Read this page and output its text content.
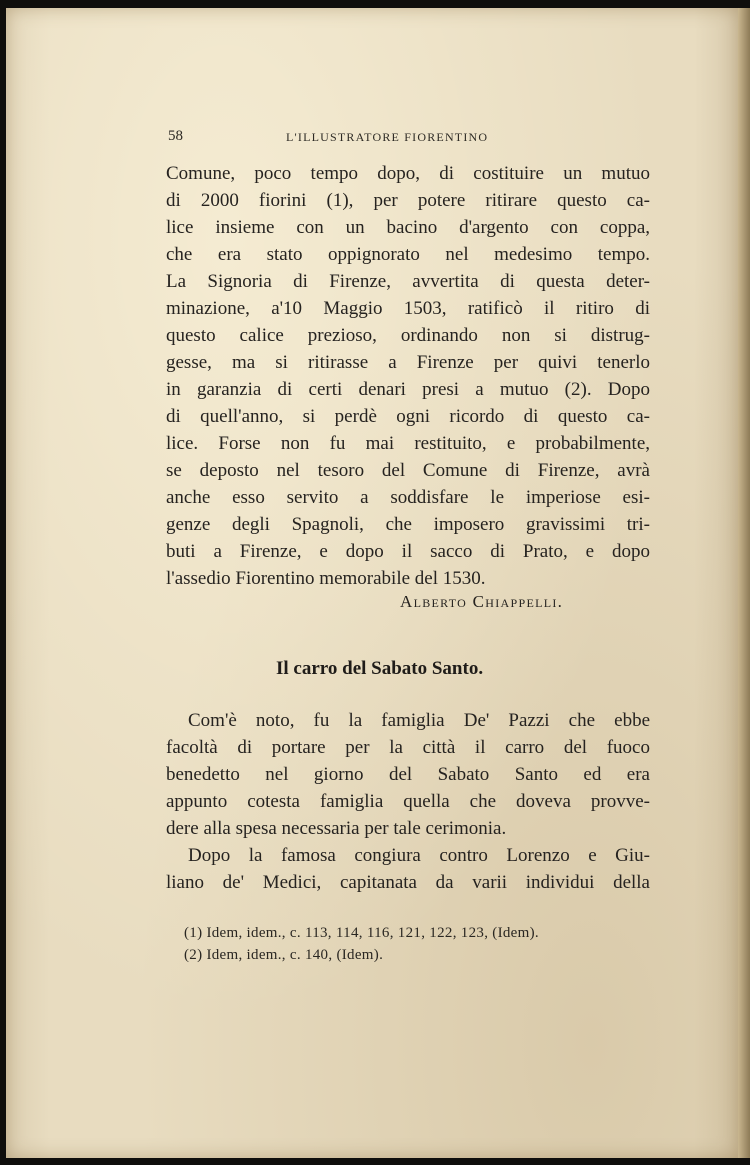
58	L'ILLUSTRATORE FIORENTINO
Comune, poco tempo dopo, di costituire un mutuo
di 2000 fiorini (1), per potere ritirare questo ca-
lice insieme con un bacino d'argento con coppa,
che era stato oppignorato nel medesimo tempo.
La Signoria di Firenze, avvertita di questa deter-
minazione, a'10 Maggio 1503, ratificò il ritiro di
questo calice prezioso, ordinando non si distrug-
gesse, ma si ritirasse a Firenze per quivi tenerlo
in garanzia di certi denari presi a mutuo (2). Dopo
di quell'anno, si perdè ogni ricordo di questo ca-
lice. Forse non fu mai restituito, e probabilmente,
se deposto nel tesoro del Comune di Firenze, avrà
anche esso servito a soddisfare le imperiose esi-
genze degli Spagnoli, che imposero gravissimi tri-
buti a Firenze, e dopo il sacco di Prato, e dopo
l'assedio Fiorentino memorabile del 1530.
Alberto Chiappelli.
Il carro del Sabato Santo.
Com'è noto, fu la famiglia De' Pazzi che ebbe
facoltà di portare per la città il carro del fuoco
benedetto nel giorno del Sabato Santo ed era
appunto cotesta famiglia quella che doveva provve-
dere alla spesa necessaria per tale cerimonia.
Dopo la famosa congiura contro Lorenzo e Giu-
liano de' Medici, capitanata da varii individui della
(1) Idem, idem., c. 113, 114, 116, 121, 122, 123, (Idem).
(2) Idem, idem., c. 140, (Idem).
